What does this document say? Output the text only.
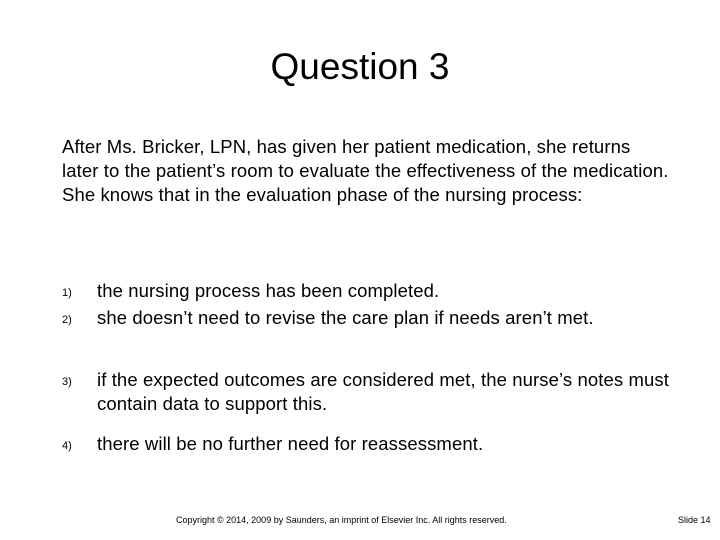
Question 3
After Ms. Bricker, LPN, has given her patient medication, she returns later to the patient’s room to evaluate the effectiveness of the medication. She knows that in the evaluation phase of the nursing process:
1)	the nursing process has been completed.
2)	she doesn’t need to revise the care plan if needs aren’t met.
3)	if the expected outcomes are considered met, the nurse’s notes must contain data to support this.
4)	there will be no further need for reassessment.
Copyright © 2014, 2009 by Saunders, an imprint of Elsevier Inc. All rights reserved.	Slide 14
